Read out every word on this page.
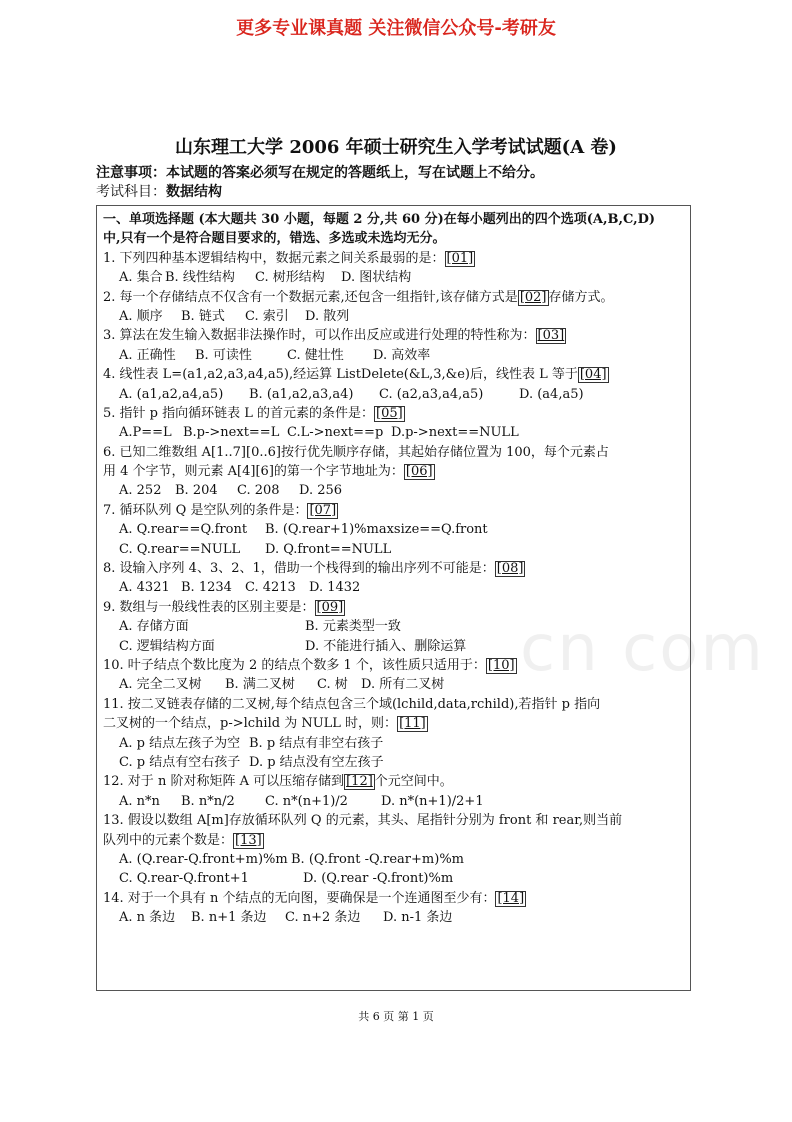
更多专业课真题 关注微信公众号-考研友
cn com
山东理工大学 2006 年硕士研究生入学考试试题(A 卷)
注意事项：本试题的答案必须写在规定的答题纸上，写在试题上不给分。
考试科目：数据结构
一、单项选择题 (本大题共 30 小题，每题 2 分,共 60 分)在每小题列出的四个选项(A,B,C,D)
中,只有一个是符合题目要求的，错选、多选或未选均无分。
1. 下列四种基本逻辑结构中，数据元素之间关系最弱的是： [01]
A. 集合 B. 线性结构 C. 树形结构 D. 图状结构
2. 每一个存储结点不仅含有一个数据元素,还包含一组指针,该存储方式是 [02] 存储方式。
A. 顺序 B. 链式 C. 索引 D. 散列
3. 算法在发生输入数据非法操作时，可以作出反应或进行处理的特性称为： [03]
A. 正确性 B. 可读性	C. 健壮性 D. 高效率
4. 线性表 L=(a1,a2,a3,a4,a5),经运算 ListDelete(&L,3,&e)后，线性表 L 等于 [04]
A. (a1,a2,a4,a5) B. (a1,a2,a3,a4) C. (a2,a3,a4,a5)	D. (a4,a5)
5. 指针 p 指向循环链表 L 的首元素的条件是： [05]
A.P==L B.p->next==L C.L->next==p D.p->next==NULL
6. 已知二维数组 A[1..7][0..6]按行优先顺序存储，其起始存储位置为 100，每个元素占
用 4 个字节，则元素 A[4][6]的第一个字节地址为： [06]
A. 252 B. 204 C. 208 D. 256
7. 循环队列 Q 是空队列的条件是： [07]
A. Q.rear==Q.front B. (Q.rear+1)%maxsize==Q.front
C. Q.rear==NULL D. Q.front==NULL
8. 设输入序列 4、3、2、1，借助一个栈得到的输出序列不可能是： [08]
A. 4321 B. 1234 C. 4213 D. 1432
9. 数组与一般线性表的区别主要是： [09]
A. 存储方面	B. 元素类型一致
C. 逻辑结构方面	D. 不能进行插入、删除运算
10. 叶子结点个数比度为 2 的结点个数多 1 个，该性质只适用于： [10]
A. 完全二叉树 B. 满二叉树 C. 树 D. 所有二叉树
11. 按二叉链表存储的二叉树,每个结点包含三个域(lchild,data,rchild),若指针 p 指向
二叉树的一个结点，p->lchild 为 NULL 时，则： [11]
A. p 结点左孩子为空 B. p 结点有非空右孩子
C. p 结点有空右孩子 D. p 结点没有空左孩子
12. 对于 n 阶对称矩阵 A 可以压缩存储到 [12] 个元空间中。
A. n*n B. n*n/2 C. n*(n+1)/2	D. n*(n+1)/2+1
13. 假设以数组 A[m]存放循环队列 Q 的元素，其头、尾指针分别为 front 和 rear,则当前
队列中的元素个数是： [13]
A. (Q.rear-Q.front+m)%m B. (Q.front -Q.rear+m)%m
C. Q.rear-Q.front+1	D. (Q.rear -Q.front)%m
14. 对于一个具有 n 个结点的无向图，要确保是一个连通图至少有： [14]
A. n 条边 B. n+1 条边 C. n+2 条边 D. n-1 条边
共 6 页 第 1 页
